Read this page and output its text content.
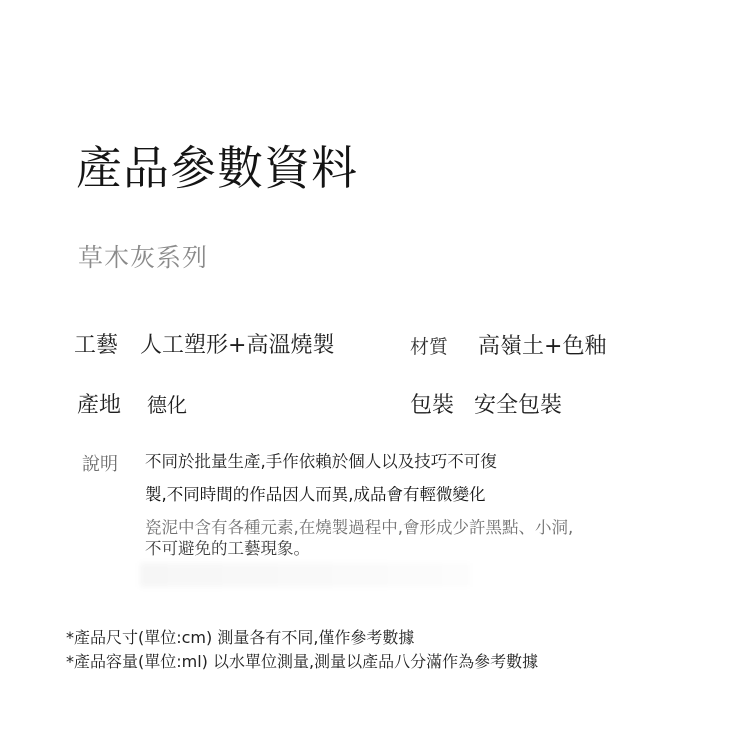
產品參數資料
草木灰系列
工藝 人工塑形+高溫燒製	材質 高嶺土+色釉
產地 德化	包裝 安全包裝
說明 不同於批量生產,手作依賴於個人以及技巧不可復
製,不同時間的作品因人而異,成品會有輕微變化
瓷泥中含有各種元素,在燒製過程中,會形成少許黑點、小洞,
不可避免的工藝現象。
*產品尺寸(單位:cm) 測量各有不同,僅作參考數據
*產品容量(單位:ml) 以水單位測量,測量以產品八分滿作為參考數據
